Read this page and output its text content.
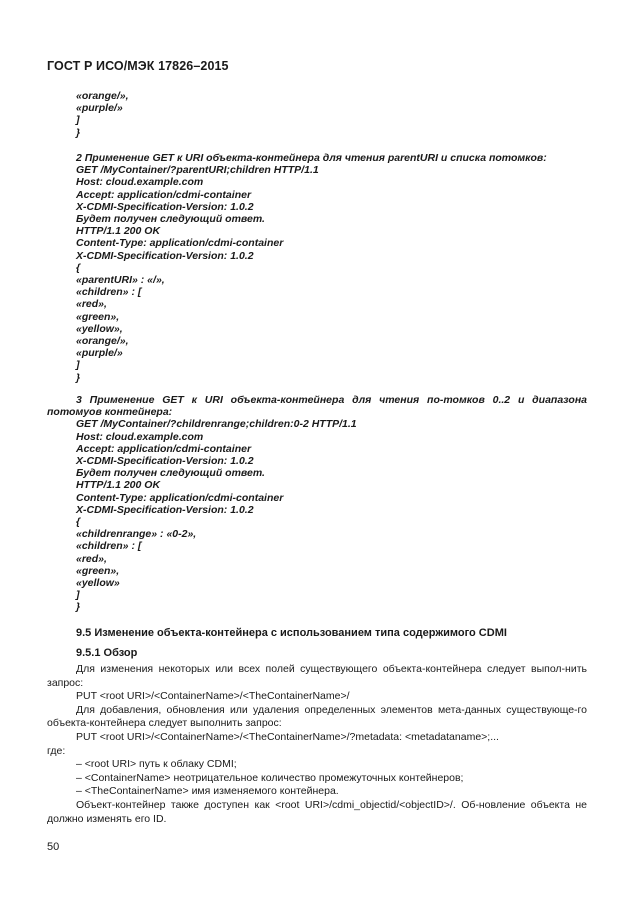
ГОСТ Р ИСО/МЭК 17826–2015
«orange/»,
«purple/»
]
}
2 Применение GET к URI объекта-контейнера для чтения parentURI и списка потомков:
GET /MyContainer/?parentURI;children HTTP/1.1
Host: cloud.example.com
Accept: application/cdmi-container
X-CDMI-Specification-Version: 1.0.2
Будет получен следующий ответ.
HTTP/1.1 200 OK
Content-Type: application/cdmi-container
X-CDMI-Specification-Version: 1.0.2
{
«parentURI» : «/»,
«children» : [
«red»,
«green»,
«yellow»,
«orange/»,
«purple/»
]
}
3 Применение GET к URI объекта-контейнера для чтения по-томков 0..2 и диапазона потомуов контейнера:
GET /MyContainer/?childrenrange;children:0-2 HTTP/1.1
Host: cloud.example.com
Accept: application/cdmi-container
X-CDMI-Specification-Version: 1.0.2
Будет получен следующий ответ.
HTTP/1.1 200 OK
Content-Type: application/cdmi-container
X-CDMI-Specification-Version: 1.0.2
{
«childrenrange» : «0-2»,
«children» : [
«red»,
«green»,
«yellow»
]
}
9.5 Изменение объекта-контейнера с использованием типа содержимого CDMI
9.5.1 Обзор
Для изменения некоторых или всех полей существующего объекта-контейнера следует выпол-нить запрос:
PUT <root URI>/<ContainerName>/<TheContainerName>/
Для добавления, обновления или удаления определенных элементов мета-данных существующе-го объекта-контейнера следует выполнить запрос:
PUT <root URI>/<ContainerName>/<TheContainerName>/?metadata: <metadataname>;...
где:
– <root URI> путь к облаку CDMI;
– <ContainerName> неотрицательное количество промежуточных контейнеров;
– <TheContainerName> имя изменяемого контейнера.
Объект-контейнер также доступен как <root URI>/cdmi_objectid/<objectID>/. Об-новление объекта не должно изменять его ID.
50
